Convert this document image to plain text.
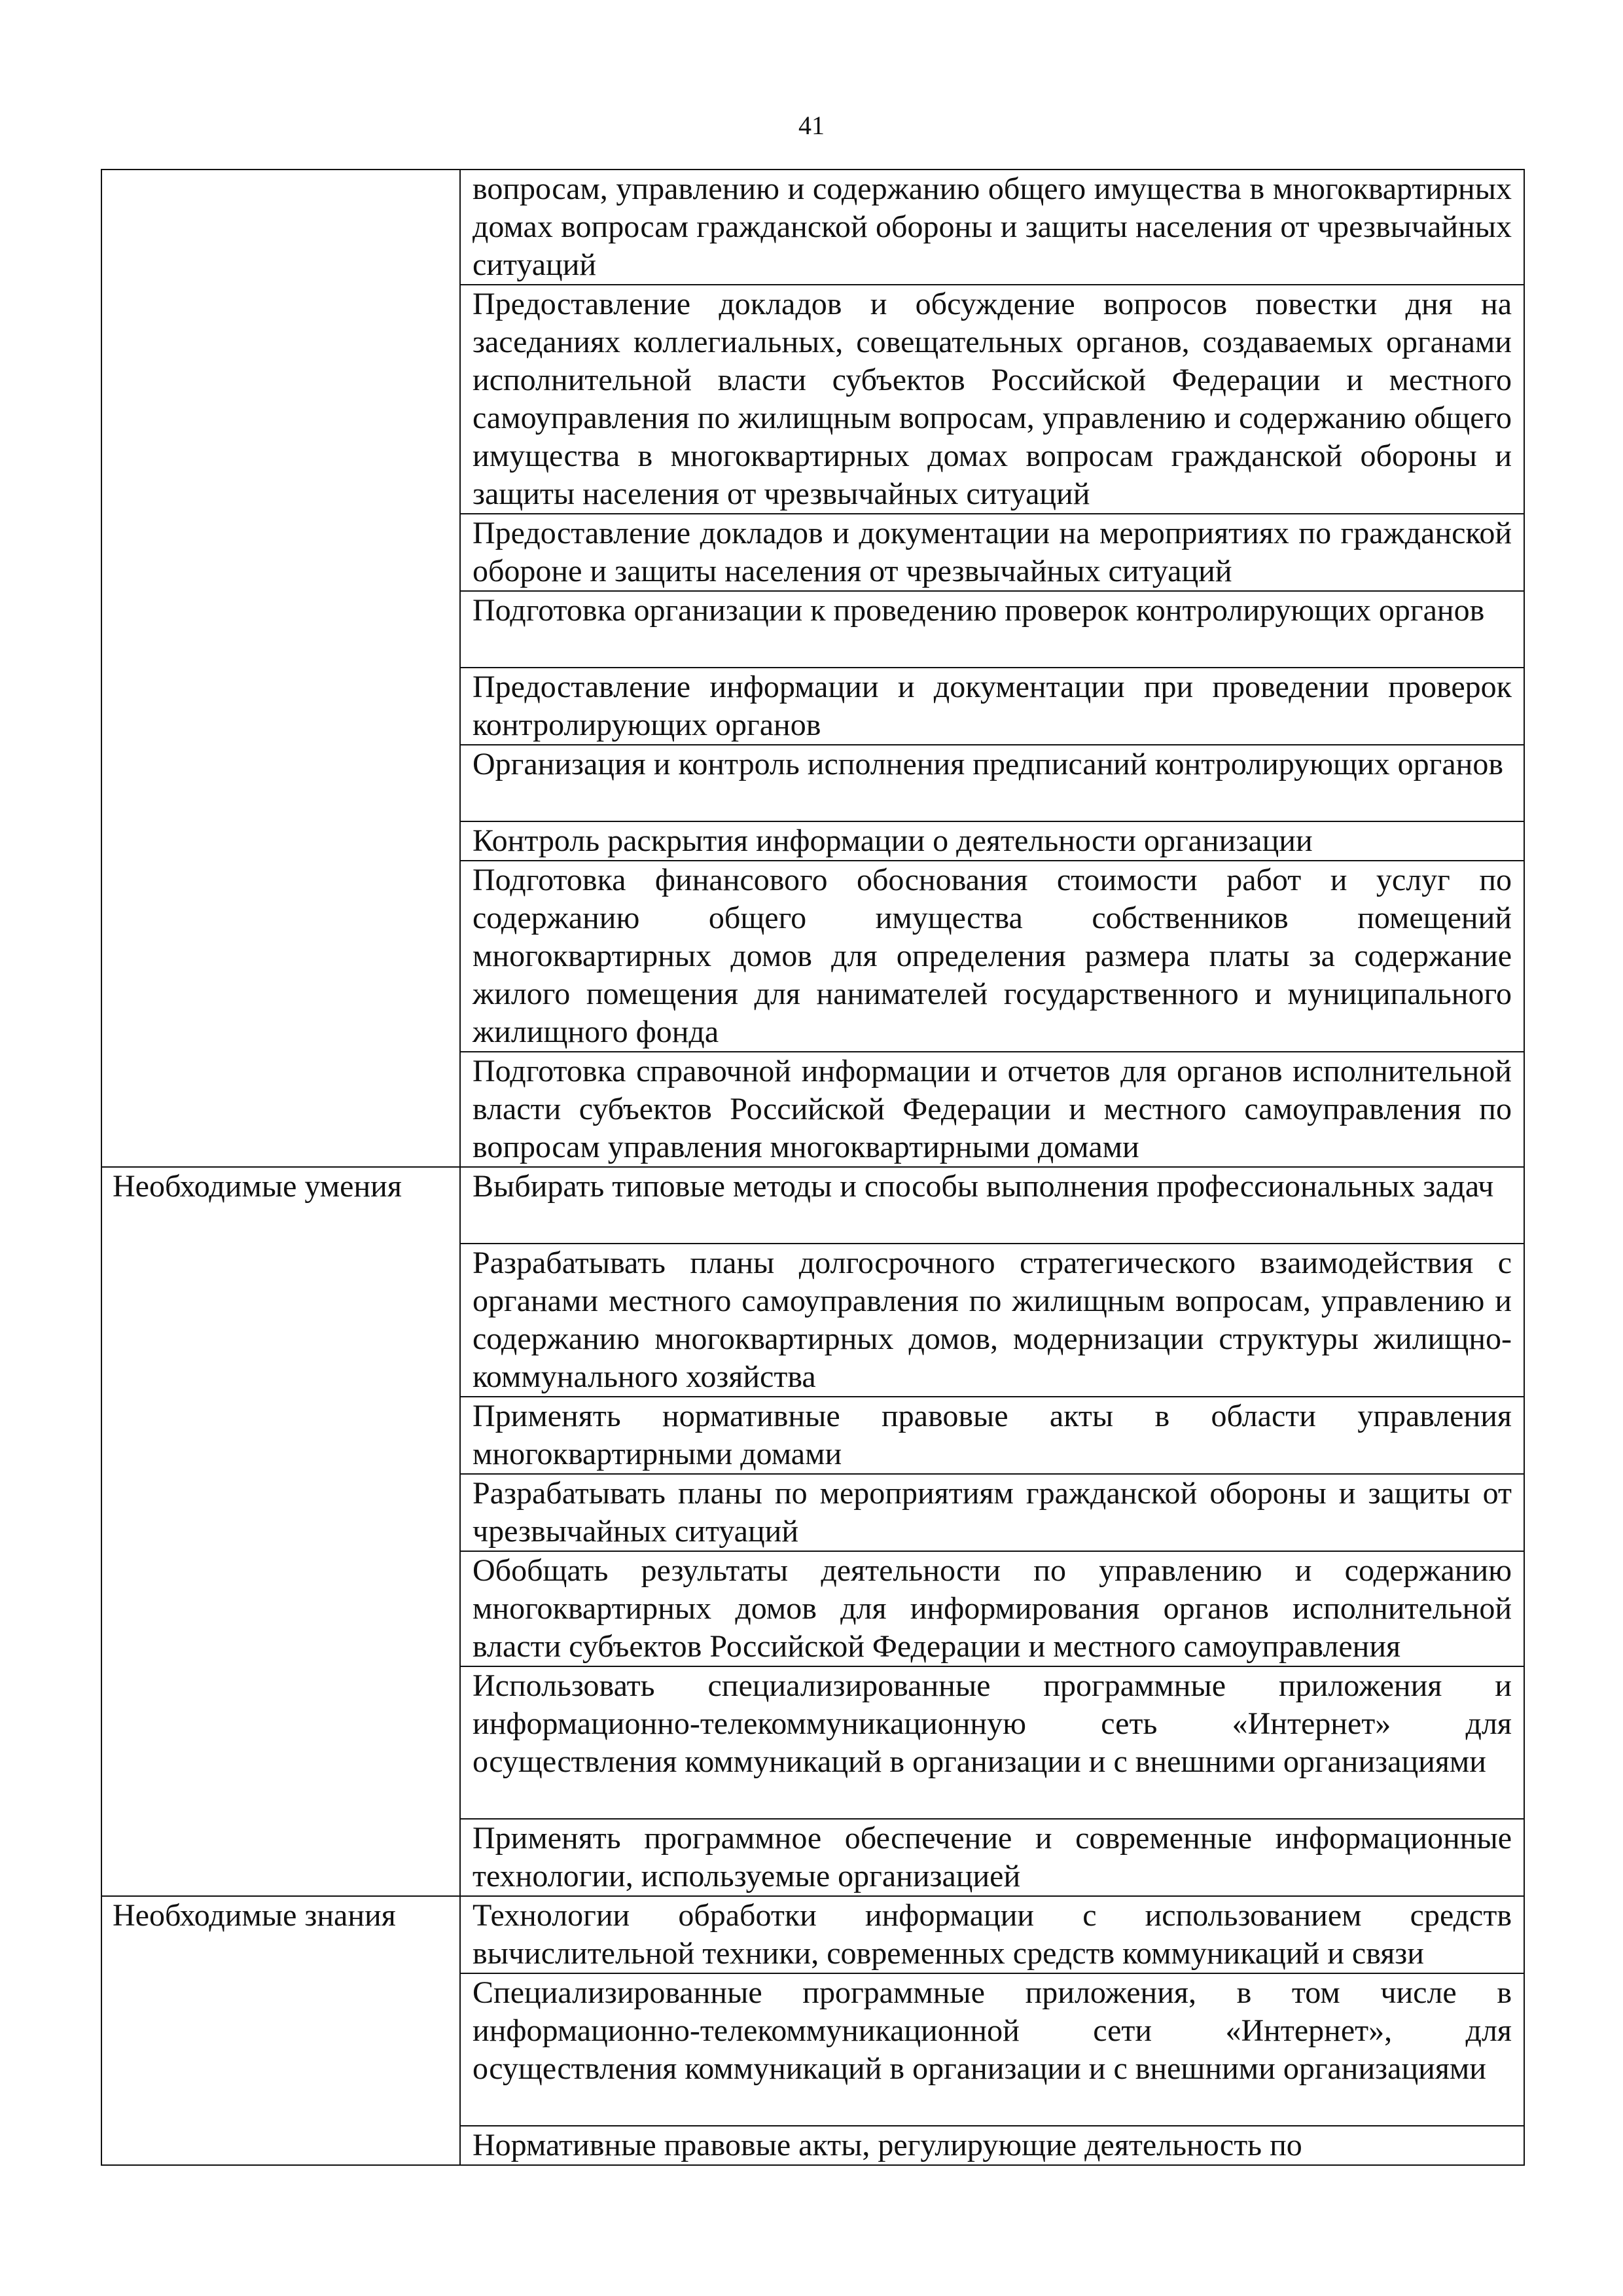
41
	вопросам, управлению и содержанию общего имущества в многоквартирных домах вопросам гражданской обороны и защиты населения от чрезвычайных ситуаций
	Предоставление докладов и обсуждение вопросов повестки дня на заседаниях коллегиальных, совещательных органов, создаваемых органами исполнительной власти субъектов Российской Федерации и местного самоуправления по жилищным вопросам, управлению и содержанию общего имущества в многоквартирных домах вопросам гражданской обороны и защиты населения от чрезвычайных ситуаций
	Предоставление докладов и документации на мероприятиях по гражданской обороне и защиты населения от чрезвычайных ситуаций
	Подготовка организации к проведению проверок контролирующих органов
	Предоставление информации и документации при проведении проверок контролирующих органов
	Организация и контроль исполнения предписаний контролирующих органов
	Контроль раскрытия информации о деятельности организации
	Подготовка финансового обоснования стоимости работ и услуг по содержанию общего имущества собственников помещений многоквартирных домов для определения размера платы за содержание жилого помещения для нанимателей государственного и муниципального жилищного фонда
	Подготовка справочной информации и отчетов для органов исполнительной власти субъектов Российской Федерации и местного самоуправления по вопросам управления многоквартирными домами
Необходимые умения	Выбирать типовые методы и способы выполнения профессиональных задач
	Разрабатывать планы долгосрочного стратегического взаимодействия с органами местного самоуправления по жилищным вопросам, управлению и содержанию многоквартирных домов, модернизации структуры жилищно-коммунального хозяйства
	Применять нормативные правовые акты в области управления многоквартирными домами
	Разрабатывать планы по мероприятиям гражданской обороны и защиты от чрезвычайных ситуаций
	Обобщать результаты деятельности по управлению и содержанию многоквартирных домов для информирования органов исполнительной власти субъектов Российской Федерации и местного самоуправления
	Использовать специализированные программные приложения и информационно-телекоммуникационную сеть «Интернет» для осуществления коммуникаций в организации и с внешними организациями
	Применять программное обеспечение и современные информационные технологии, используемые организацией
Необходимые знания	Технологии обработки информации с использованием средств вычислительной техники, современных средств коммуникаций и связи
	Специализированные программные приложения, в том числе в информационно-телекоммуникационной сети «Интернет», для осуществления коммуникаций в организации и с внешними организациями
	Нормативные правовые акты, регулирующие деятельность по
